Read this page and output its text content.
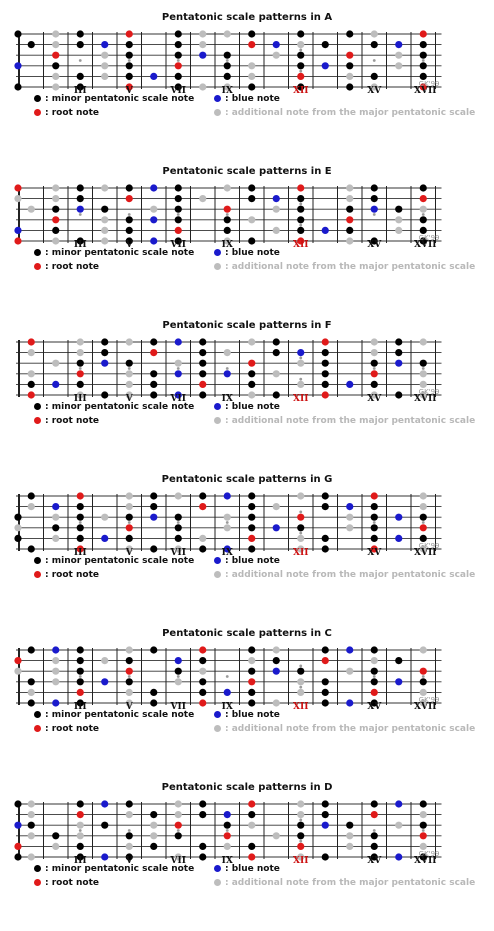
Pentatonic scale patterns in A
GK'99
III	V	VII	IX	XII	XV	XVII
: minor pentatonic scale note	: blue note
: root note	: additional note from the major pentatonic scale
Pentatonic scale patterns in E
GK'99
III	V	VII	IX	XII	XV	XVII
: minor pentatonic scale note	: blue note
: root note	: additional note from the major pentatonic scale
Pentatonic scale patterns in F
GK'99
III	V	VII	IX	XII	XV	XVII
: minor pentatonic scale note	: blue note
: root note	: additional note from the major pentatonic scale
Pentatonic scale patterns in G
GK'99
III	V	VII	IX	XII	XV	XVII
: minor pentatonic scale note	: blue note
: root note	: additional note from the major pentatonic scale
Pentatonic scale patterns in C
GK'99
III	V	VII	IX	XII	XV	XVII
: minor pentatonic scale note	: blue note
: root note	: additional note from the major pentatonic scale
Pentatonic scale patterns in D
GK'99
III	V	VII	IX	XII	XV	XVII
: minor pentatonic scale note	: blue note
: root note	: additional note from the major pentatonic scale
